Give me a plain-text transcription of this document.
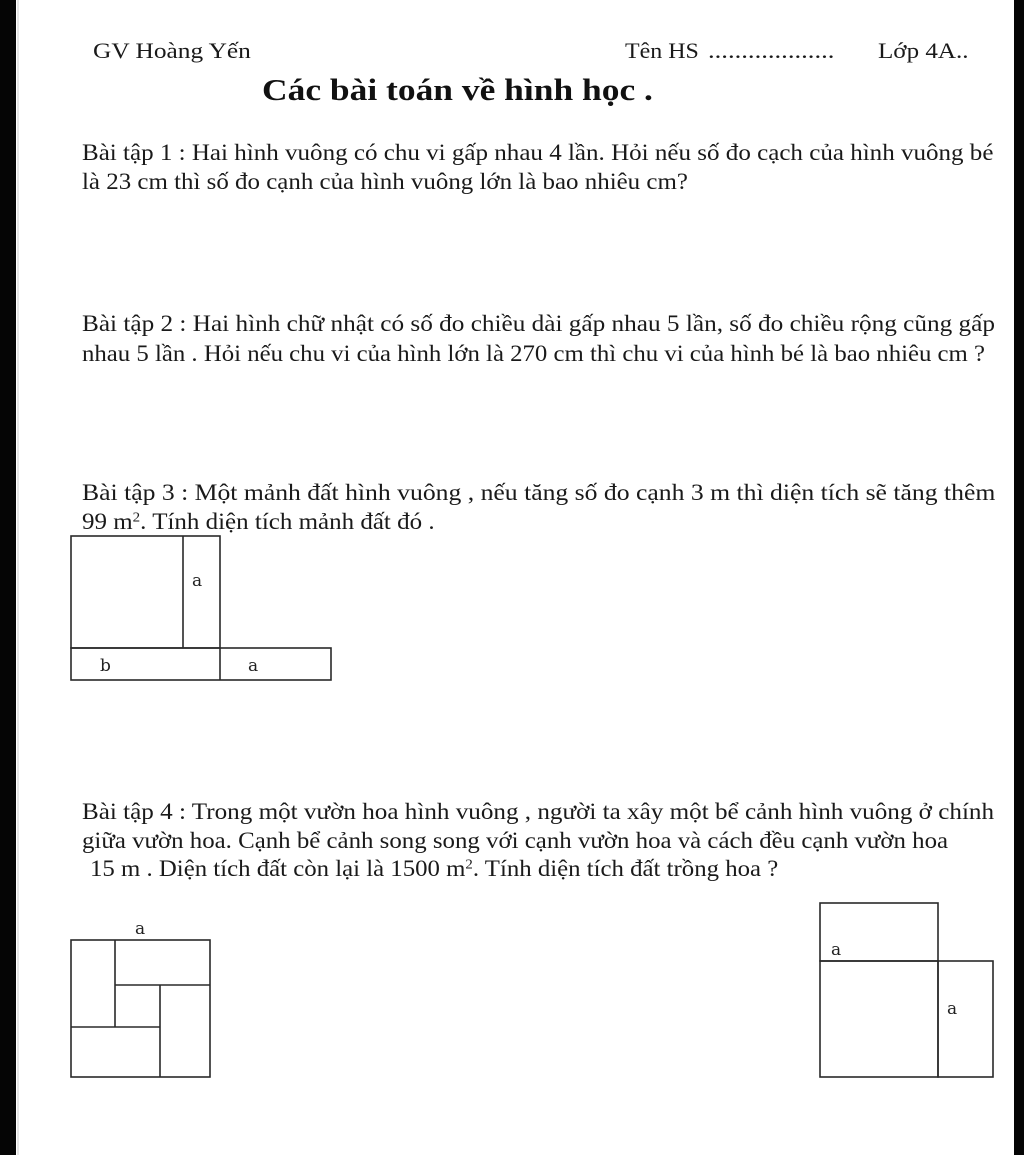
GV Hoàng Yến	Tên HS ................... Lớp 4A..
Các bài toán về hình học .
Bài tập 1 : Hai hình vuông có chu vi gấp nhau 4 lần. Hỏi nếu số đo cạch của hình vuông bé
là 23 cm thì số đo cạnh của hình vuông lớn là bao nhiêu cm?
Bài tập 2 : Hai hình chữ nhật có số đo chiều dài gấp nhau 5 lần, số đo chiều rộng cũng gấp
nhau 5 lần . Hỏi nếu chu vi của hình lớn là 270 cm thì chu vi của hình bé là bao nhiêu cm ?
Bài tập 3 : Một mảnh đất hình vuông , nếu tăng số đo cạnh 3 m thì diện tích sẽ tăng thêm
99 $m^2$. Tính diện tích mảnh đất đó .
a
b	a
Bài tập 4 : Trong một vườn hoa hình vuông , người ta xây một bể cảnh hình vuông ở chính
giữa vườn hoa. Cạnh bể cảnh song song với cạnh vườn hoa và cách đều cạnh vườn hoa
15 m . Diện tích đất còn lại là 1500 $m^2$. Tính diện tích đất trồng hoa ?
a
a
a
